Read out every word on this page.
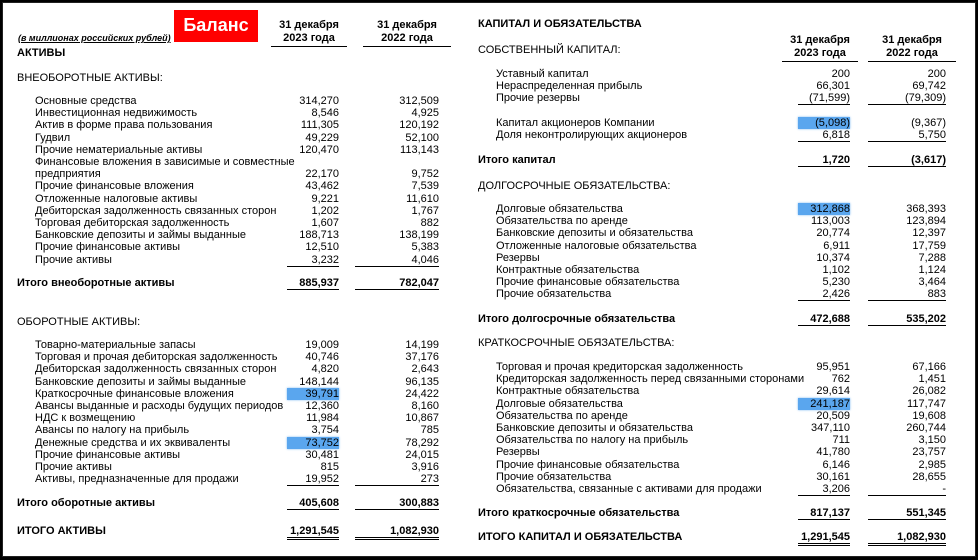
Баланс
(в миллионах российских рублей)
31 декабря
2023 года
31 декабря
2022 года
АКТИВЫ
ВНЕОБОРОТНЫЕ АКТИВЫ:
Основные средства	314,270	312,509
Инвестиционная недвижимость	8,546	4,925
Актив в форме права пользования	111,305	120,192
Гудвил	49,229	52,100
Прочие нематериальные активы	120,470	113,143
Финансовые вложения в зависимые и совместные
предприятия	22,170	9,752
Прочие финансовые вложения	43,462	7,539
Отложенные налоговые активы	9,221	11,610
Дебиторская задолженность связанных сторон	1,202	1,767
Торговая дебиторская задолженность	1,607	882
Банковские депозиты и займы выданные	188,713	138,199
Прочие финансовые активы	12,510	5,383
Прочие активы	3,232	4,046
Итого внеоборотные активы	885,937	782,047
ОБОРОТНЫЕ АКТИВЫ:
Товарно-материальные запасы	19,009	14,199
Торговая и прочая дебиторская задолженность	40,746	37,176
Дебиторская задолженность связанных сторон	4,820	2,643
Банковские депозиты и займы выданные	148,144	96,135
Краткосрочные финансовые вложения	39,791	24,422
Авансы выданные и расходы будущих периодов	12,360	8,160
НДС к возмещению	11,984	10,867
Авансы по налогу на прибыль	3,754	785
Денежные средства и их эквиваленты	73,752	78,292
Прочие финансовые активы	30,481	24,015
Прочие активы	815	3,916
Активы, предназначенные для продажи	19,952	273
Итого оборотные активы	405,608	300,883
ИТОГО АКТИВЫ	1,291,545	1,082,930
КАПИТАЛ И ОБЯЗАТЕЛЬСТВА
31 декабря
2023 года
31 декабря
2022 года
СОБСТВЕННЫЙ КАПИТАЛ:
ДОЛГОСРОЧНЫЕ ОБЯЗАТЕЛЬСТВА:
КРАТКОСРОЧНЫЕ ОБЯЗАТЕЛЬСТВА:
Уставный капитал	200	200
Нераспределенная прибыль	66,301	69,742
Прочие резервы	(71,599)	(79,309)
Капитал акционеров Компании	(5,098)	(9,367)
Доля неконтролирующих акционеров	6,818	5,750
Итого капитал	1,720	(3,617)
Долговые обязательства	312,868	368,393
Обязательства по аренде	113,003	123,894
Банковские депозиты и обязательства	20,774	12,397
Отложенные налоговые обязательства	6,911	17,759
Резервы	10,374	7,288
Контрактные обязательства	1,102	1,124
Прочие финансовые обязательства	5,230	3,464
Прочие обязательства	2,426	883
Итого долгосрочные обязательства	472,688	535,202
Торговая и прочая кредиторская задолженность	95,951	67,166
Кредиторская задолженность перед связанными сторонами	762	1,451
Контрактные обязательства	29,614	26,082
Долговые обязательства	241,187	117,747
Обязательства по аренде	20,509	19,608
Банковские депозиты и обязательства	347,110	260,744
Обязательства по налогу на прибыль	711	3,150
Резервы	41,780	23,757
Прочие финансовые обязательства	6,146	2,985
Прочие обязательства	30,161	28,655
Обязательства, связанные с активами для продажи	3,206	-
Итого краткосрочные обязательства	817,137	551,345
ИТОГО КАПИТАЛ И ОБЯЗАТЕЛЬСТВА	1,291,545	1,082,930
